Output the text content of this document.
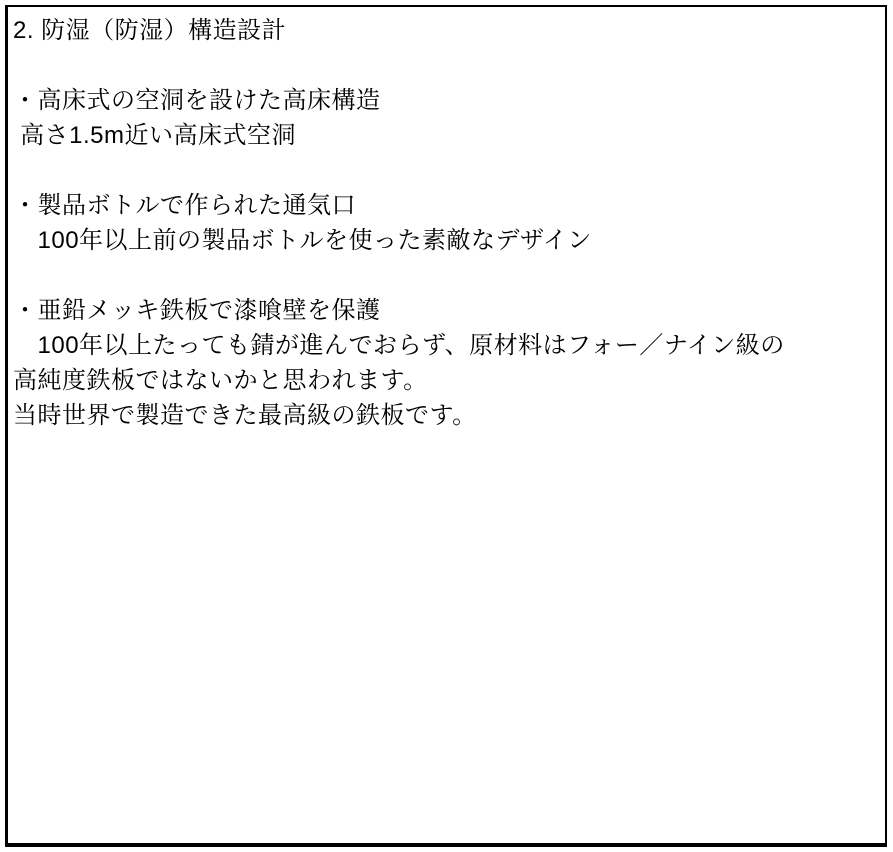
2. 防湿（防湿）構造設計
・高床式の空洞を設けた高床構造
高さ1.5m近い高床式空洞
・製品ボトルで作られた通気口
　100年以上前の製品ボトルを使った素敵なデザイン
・亜鉛メッキ鉄板で漆喰壁を保護
　100年以上たっても錆が進んでおらず、原材料はフォー／ナイン級の
高純度鉄板ではないかと思われます。
当時世界で製造できた最高級の鉄板です。
